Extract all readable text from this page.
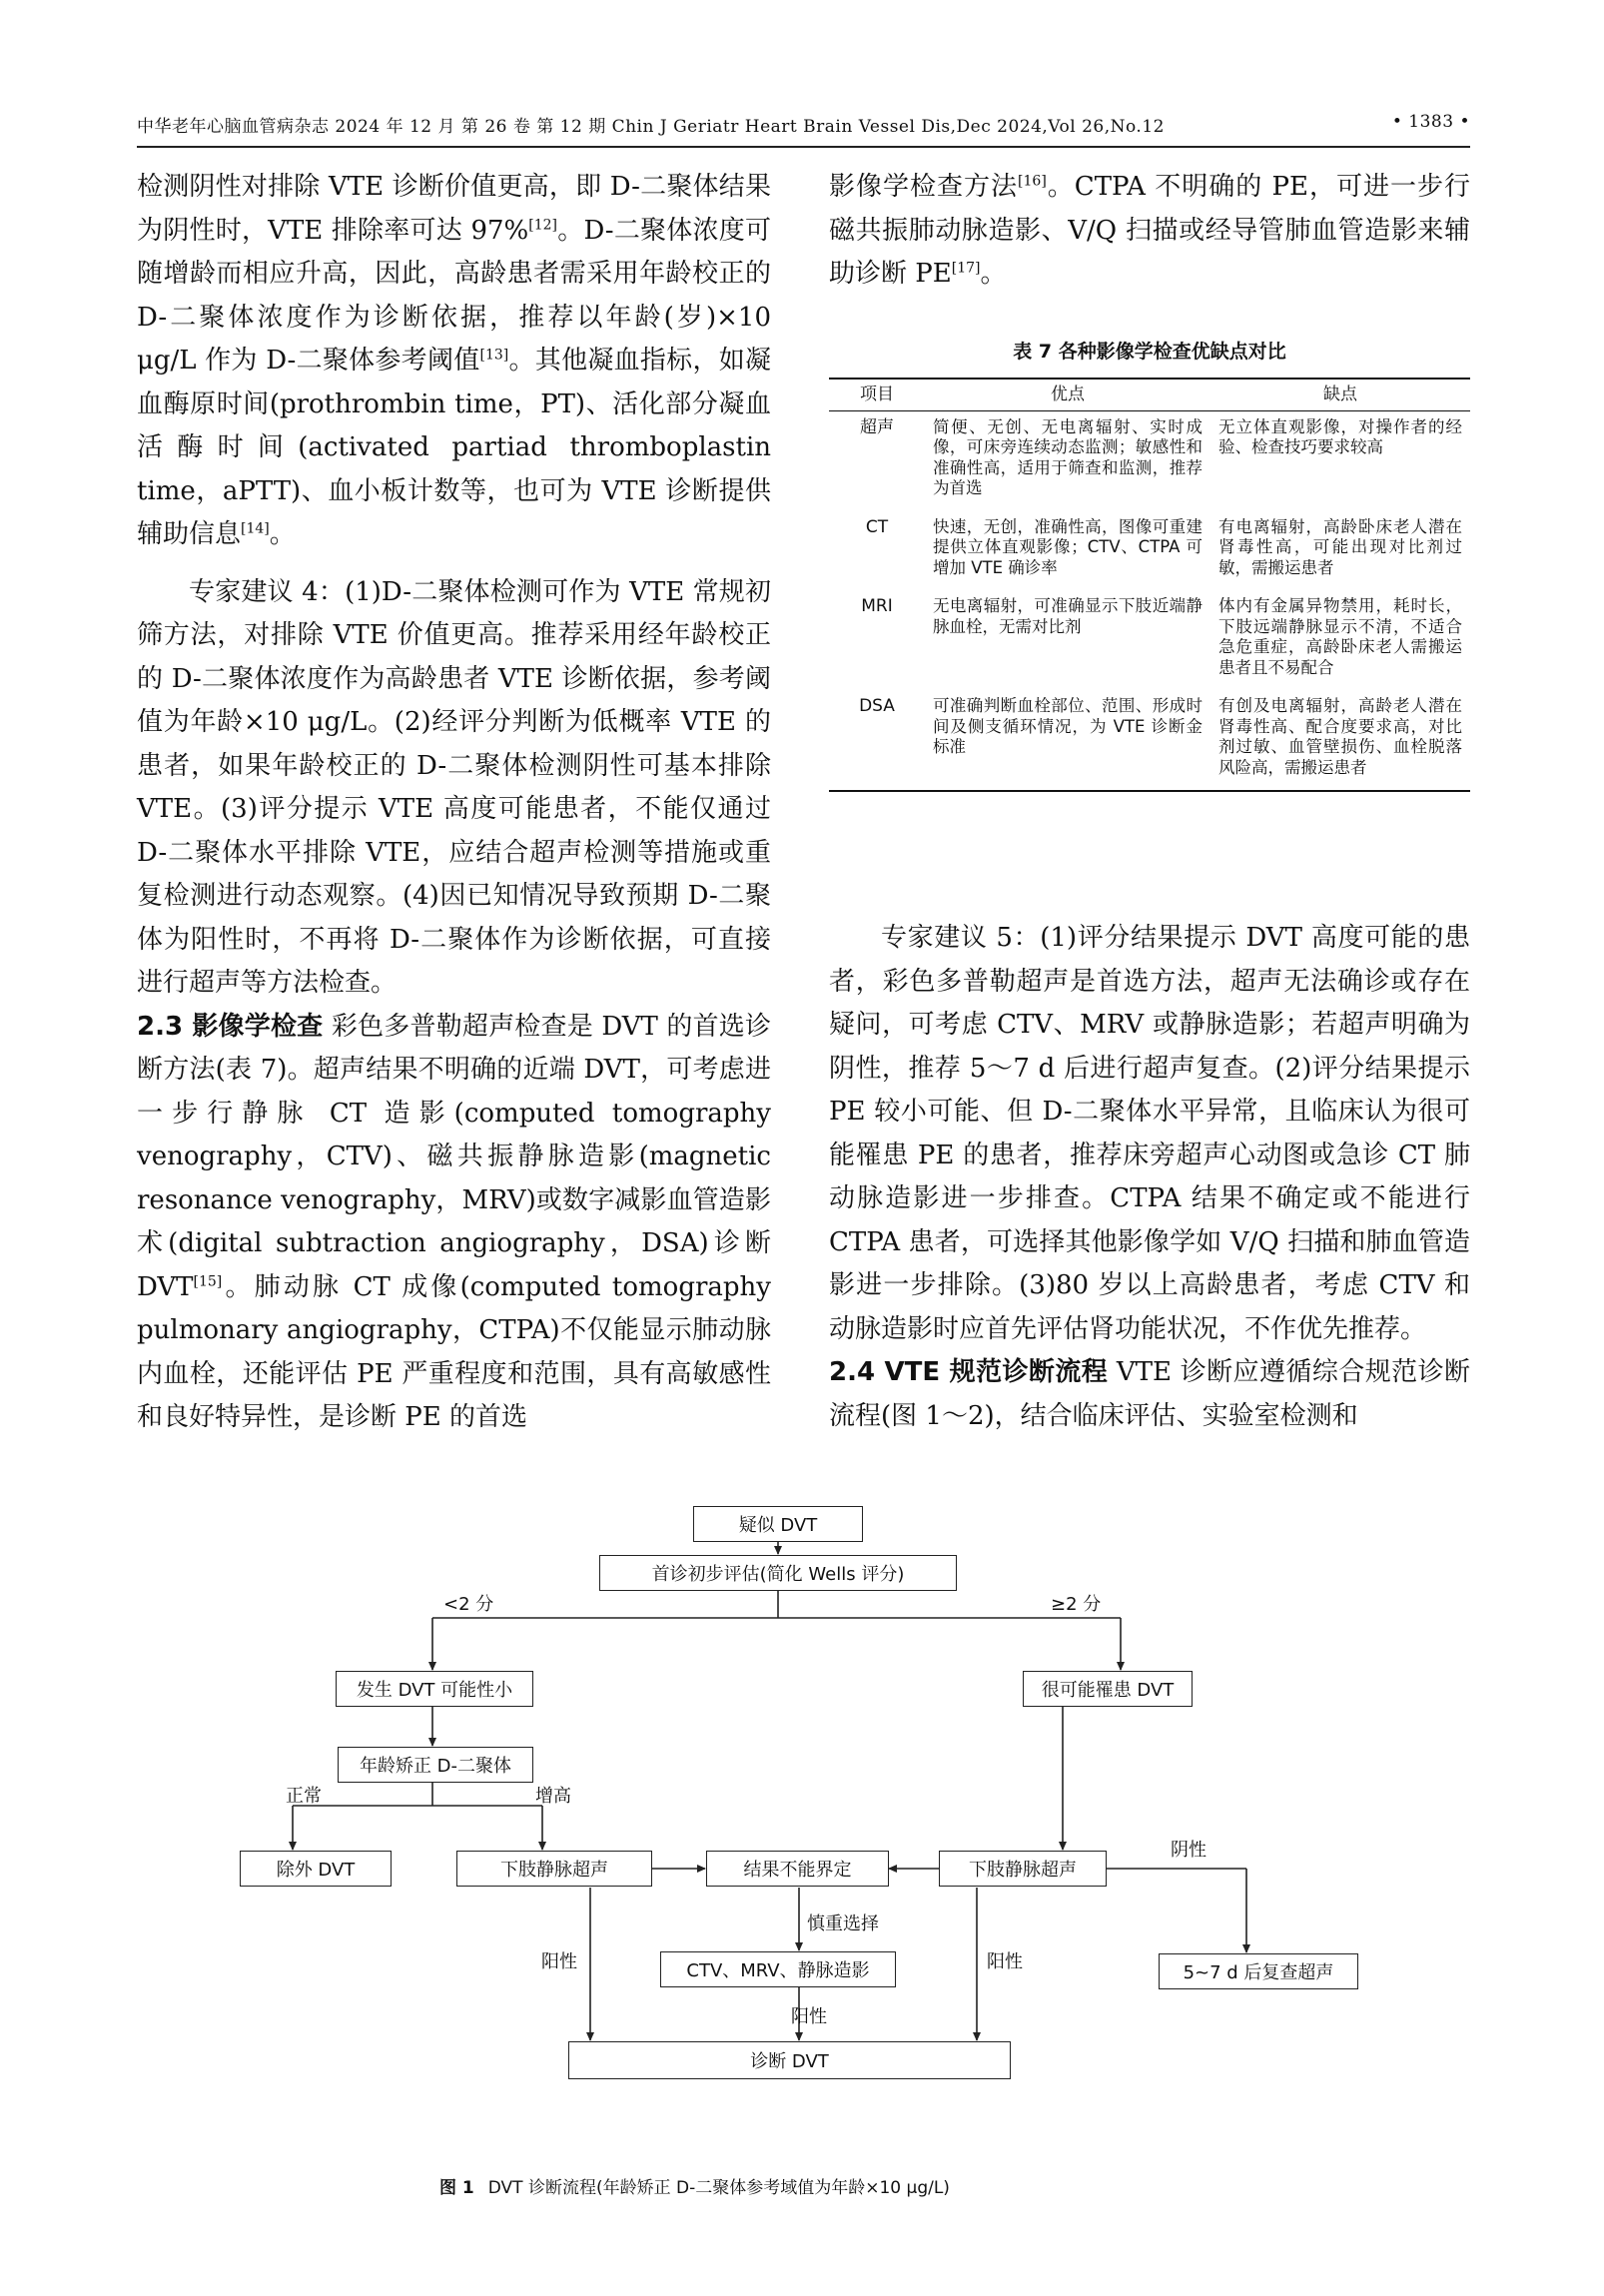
中华老年心脑血管病杂志 2024 年 12 月 第 26 卷 第 12 期 Chin J Geriatr Heart Brain Vessel Dis,Dec 2024,Vol 26,No.12	• 1383 •

检测阴性对排除 VTE 诊断价值更高，即 D-二聚体结果为阴性时，VTE 排除率可达 97%[12]。D-二聚体浓度可随增龄而相应升高，因此，高龄患者需采用年龄校正的 D-二聚体浓度作为诊断依据，推荐以年龄(岁)×10 μg/L 作为 D-二聚体参考阈值[13]。其他凝血指标，如凝血酶原时间(prothrombin time，PT)、活化部分凝血活酶时间(activated partiad thromboplastin time，aPTT)、血小板计数等，也可为 VTE 诊断提供辅助信息[14]。

专家建议 4：(1)D-二聚体检测可作为 VTE 常规初筛方法，对排除 VTE 价值更高。推荐采用经年龄校正的 D-二聚体浓度作为高龄患者 VTE 诊断依据，参考阈值为年龄×10 μg/L。(2)经评分判断为低概率 VTE 的患者，如果年龄校正的 D-二聚体检测阴性可基本排除 VTE。(3)评分提示 VTE 高度可能患者，不能仅通过 D-二聚体水平排除 VTE，应结合超声检测等措施或重复检测进行动态观察。(4)因已知情况导致预期 D-二聚体为阳性时，不再将 D-二聚体作为诊断依据，可直接进行超声等方法检查。

2.3 影像学检查 彩色多普勒超声检查是 DVT 的首选诊断方法(表 7)。超声结果不明确的近端 DVT，可考虑进一步行静脉 CT 造影(computed tomography venography，CTV)、磁共振静脉造影(magnetic resonance venography，MRV)或数字减影血管造影术(digital subtraction angiography，DSA)诊断 DVT[15]。肺动脉 CT 成像(computed tomography pulmonary angiography，CTPA)不仅能显示肺动脉内血栓，还能评估 PE 严重程度和范围，具有高敏感性和良好特异性，是诊断 PE 的首选

影像学检查方法[16]。CTPA 不明确的 PE，可进一步行磁共振肺动脉造影、V/Q 扫描或经导管肺血管造影来辅助诊断 PE[17]。

表 7 各种影像学检查优缺点对比
项目	优点	缺点
超声	简便、无创、无电离辐射、实时成像，可床旁连续动态监测；敏感性和准确性高，适用于筛查和监测，推荐为首选	无立体直观影像，对操作者的经验、检查技巧要求较高
CT	快速，无创，准确性高，图像可重建提供立体直观影像；CTV、CTPA 可增加 VTE 确诊率	有电离辐射，高龄卧床老人潜在肾毒性高，可能出现对比剂过敏，需搬运患者
MRI	无电离辐射，可准确显示下肢近端静脉血栓，无需对比剂	体内有金属异物禁用，耗时长，下肢远端静脉显示不清，不适合急危重症，高龄卧床老人需搬运患者且不易配合
DSA	可准确判断血栓部位、范围、形成时间及侧支循环情况，为 VTE 诊断金标准	有创及电离辐射，高龄老人潜在肾毒性高、配合度要求高，对比剂过敏、血管壁损伤、血栓脱落风险高，需搬运患者

专家建议 5：(1)评分结果提示 DVT 高度可能的患者，彩色多普勒超声是首选方法，超声无法确诊或存在疑问，可考虑 CTV、MRV 或静脉造影；若超声明确为阴性，推荐 5～7 d 后进行超声复查。(2)评分结果提示 PE 较小可能、但 D-二聚体水平异常，且临床认为很可能罹患 PE 的患者，推荐床旁超声心动图或急诊 CT 肺动脉造影进一步排查。CTPA 结果不确定或不能进行 CTPA 患者，可选择其他影像学如 V/Q 扫描和肺血管造影进一步排除。(3)80 岁以上高龄患者，考虑 CTV 和动脉造影时应首先评估肾功能状况，不作优先推荐。

2.4 VTE 规范诊断流程 VTE 诊断应遵循综合规范诊断流程(图 1～2)，结合临床评估、实验室检测和

疑似 DVT
首诊初步评估(简化 Wells 评分)
<2 分	≥2 分
发生 DVT 可能性小	很可能罹患 DVT
年龄矫正 D-二聚体
正常	增高
除外 DVT	下肢静脉超声	结果不能界定	下肢静脉超声
阴性
慎重选择
5~7 d 后复查超声
CTV、MRV、静脉造影
阳性
阳性
阳性
诊断 DVT
图 1 DVT 诊断流程(年龄矫正 D-二聚体参考域值为年龄×10 μg/L)
